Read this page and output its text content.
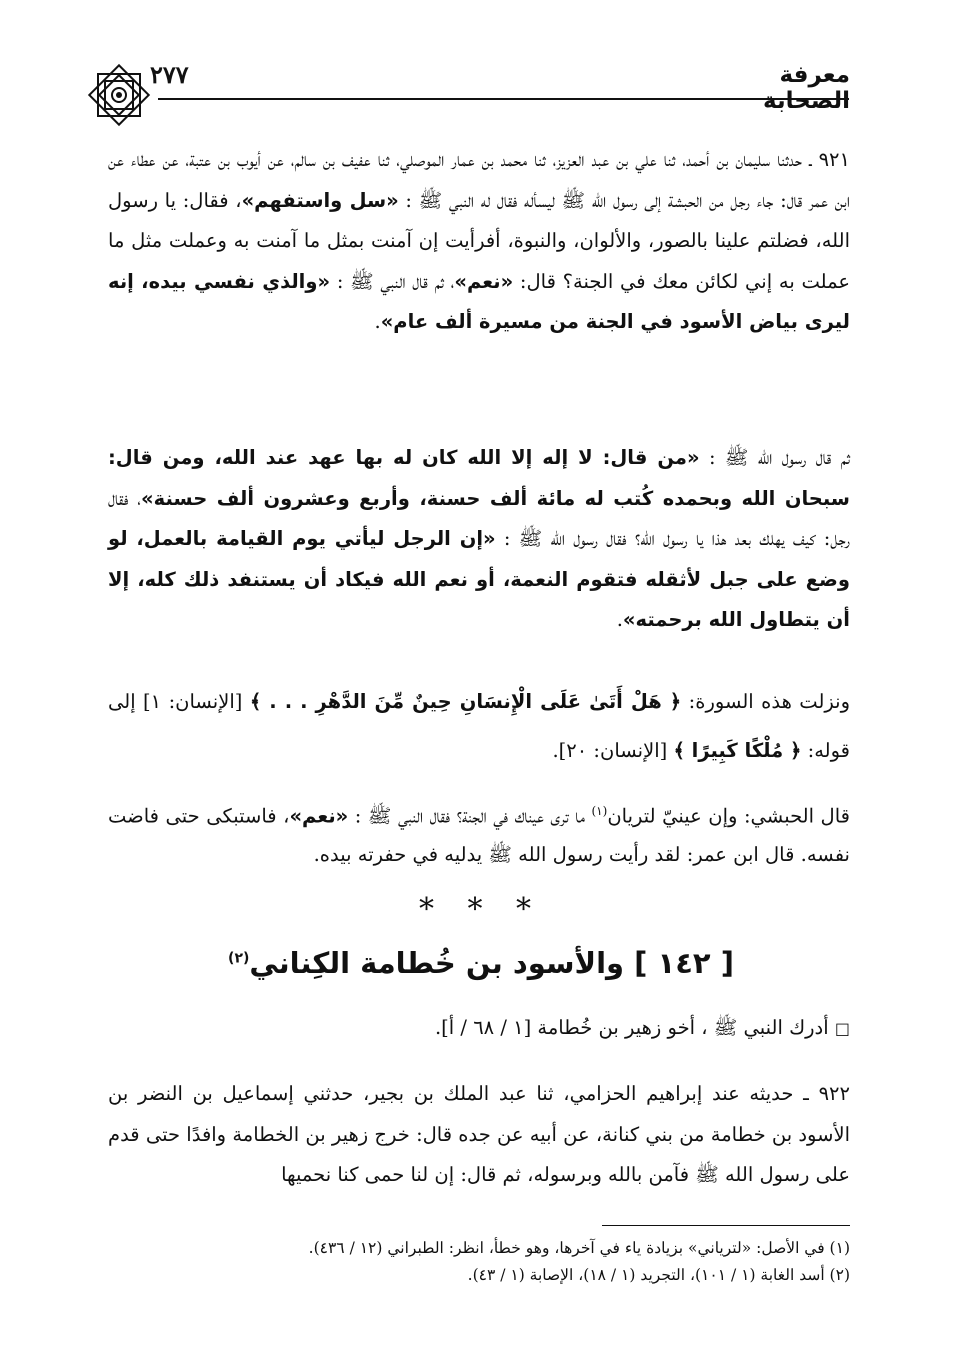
معرفة الصحابة
٢٧٧

٩٢١ ـ حدثنا سليمان بن أحمد، ثنا علي بن عبد العزيز، ثنا محمد بن عمار الموصلي، ثنا عفيف بن سالم، عن أيوب بن عتبة، عن عطاء عن ابن عمر قال: جاء رجل من الحبشة إلى رسول الله ﷺ ليسأله فقال له النبي ﷺ : «سل واستفهم»، فقال: يا رسول الله، فضلتم علينا بالصور، والألوان، والنبوة، أفرأيت إن آمنت بمثل ما آمنت به وعملت مثل ما عملت به إني لكائن معك في الجنة؟ قال: «نعم»، ثم قال النبي ﷺ : «والذي نفسي بيده، إنه ليرى بياض الأسود في الجنة من مسيرة ألف عام».

ثم قال رسول الله ﷺ : «من قال: لا إله إلا الله كان له بها عهد عند الله، ومن قال: سبحان الله وبحمده كُتب له مائة ألف حسنة، وأربع وعشرون ألف حسنة»، فقال رجل: كيف يهلك بعد هذا يا رسول الله؟ فقال رسول الله ﷺ : «إن الرجل ليأتي يوم القيامة بالعمل، لو وضع على جبل لأثقله فتقوم النعمة، أو نعم الله فيكاد أن يستنفد ذلك كله، إلا أن يتطاول الله برحمته».

ونزلت هذه السورة: ﴿ هَلْ أَتَىٰ عَلَى الْإِنسَانِ حِينٌ مِّنَ الدَّهْرِ . . . ﴾ [الإنسان: ١] إلى

قوله: ﴿ مُلْكًا كَبِيرًا ﴾ [الإنسان: ٢٠].

قال الحبشي: وإن عينيّ لتريان$^{(١)}$ ما ترى عيناك في الجنة؟ فقال النبي ﷺ : «نعم»، فاستبكى حتى فاضت نفسه. قال ابن عمر: لقد رأيت رسول الله ﷺ يدليه في حفرته بيده.

* * *
[ ١٤٢ ] والأسود بن خُطامة الكِناني$^{(٢)}$
□ أدرك النبي ﷺ ، أخو زهير بن خُطامة [١ / ٦٨ / أ].

٩٢٢ ـ حديثه عند إبراهيم الحزامي، ثنا عبد الملك بن بجير، حدثني إسماعيل بن النضر بن الأسود بن خطامة من بني كنانة، عن أبيه عن جده قال: خرج زهير بن الخطامة وافدًا حتى قدم على رسول الله ﷺ فآمن بالله وبرسوله، ثم قال: إن لنا حمى كنا نحميها

(١) في الأصل: «لترياني» بزيادة ياء في آخرها، وهو خطأ، انظر: الطبراني (١٢ / ٤٣٦).
(٢) أسد الغابة (١ / ١٠١)، التجريد (١ / ١٨)، الإصابة (١ / ٤٣).
